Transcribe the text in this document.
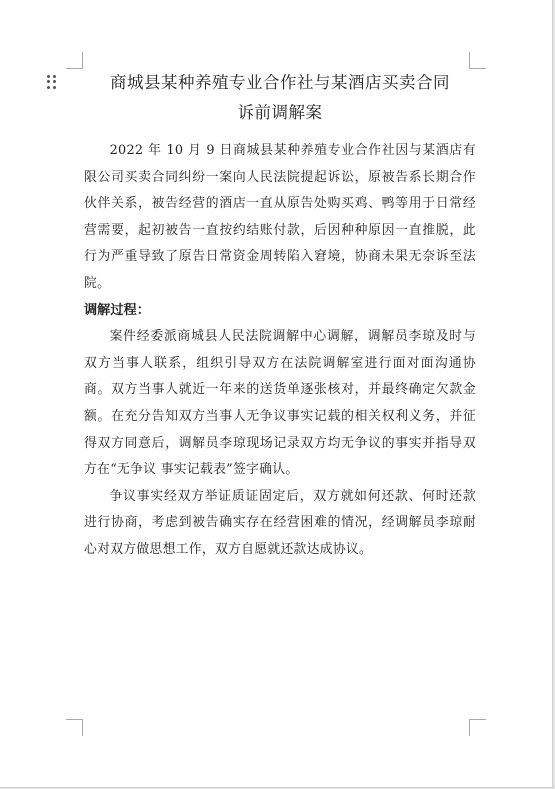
商城县某种养殖专业合作社与某酒店买卖合同
诉前调解案

2022 年 10 月 9 日商城县某种养殖专业合作社因与某酒店有限公司买卖合同纠纷一案向人民法院提起诉讼，原被告系长期合作伙伴关系，被告经营的酒店一直从原告处购买鸡、鸭等用于日常经营需要，起初被告一直按约结账付款，后因种种原因一直推脱，此行为严重导致了原告日常资金周转陷入窘境，协商未果无奈诉至法院。

调解过程：

案件经委派商城县人民法院调解中心调解，调解员李琼及时与双方当事人联系，组织引导双方在法院调解室进行面对面沟通协商。双方当事人就近一年来的送货单逐张核对，并最终确定欠款金额。在充分告知双方当事人无争议事实记载的相关权利义务，并征得双方同意后，调解员李琼现场记录双方均无争议的事实并指导双方在“无争议 事实记载表”签字确认。

争议事实经双方举证质证固定后，双方就如何还款、何时还款进行协商，考虑到被告确实存在经营困难的情况，经调解员李琼耐心对双方做思想工作，双方自愿就还款达成协议。
